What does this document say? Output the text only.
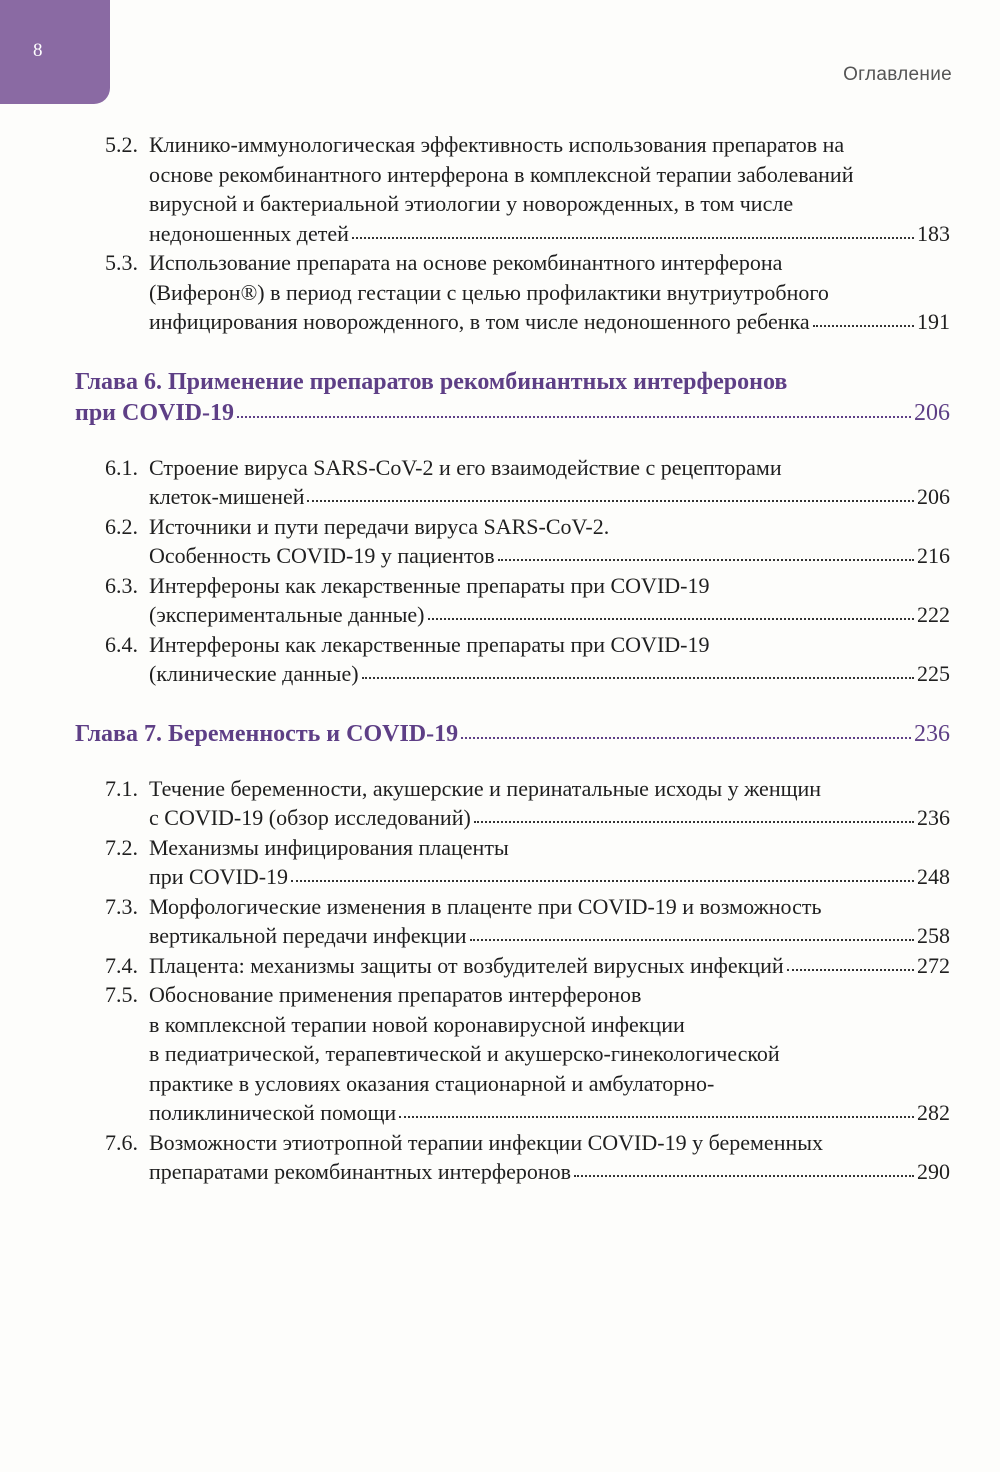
8
Оглавление
5.2. Клинико-иммунологическая эффективность использования препаратов на
основе рекомбинантного интерферона в комплексной терапии заболеваний
вирусной и бактериальной этиологии у новорожденных, в том числе
недоношенных детей	183
5.3. Использование препарата на основе рекомбинантного интерферона
(Виферон®) в период гестации с целью профилактики внутриутробного
инфицирования новорожденного, в том числе недоношенного ребенка	191
Глава 6. Применение препаратов рекомбинантных интерферонов
при COVID-19	206
6.1. Строение вируса SARS-CoV-2 и его взаимодействие с рецепторами
клеток-мишеней	206
6.2. Источники и пути передачи вируса SARS-CoV-2.
Особенность COVID-19 у пациентов	216
6.3. Интерфероны как лекарственные препараты при COVID-19
(экспериментальные данные)	222
6.4. Интерфероны как лекарственные препараты при COVID-19
(клинические данные)	225
Глава 7. Беременность и COVID-19	236
7.1. Течение беременности, акушерские и перинатальные исходы у женщин
с COVID-19 (обзор исследований)	236
7.2. Механизмы инфицирования плаценты
при COVID-19	248
7.3. Морфологические изменения в плаценте при COVID-19 и возможность
вертикальной передачи инфекции	258
7.4. Плацента: механизмы защиты от возбудителей вирусных инфекций	272
7.5. Обоснование применения препаратов интерферонов
в комплексной терапии новой коронавирусной инфекции
в педиатрической, терапевтической и акушерско-гинекологической
практике в условиях оказания стационарной и амбулаторно-
поликлинической помощи	282
7.6. Возможности этиотропной терапии инфекции COVID-19 у беременных
препаратами рекомбинантных интерферонов	290
